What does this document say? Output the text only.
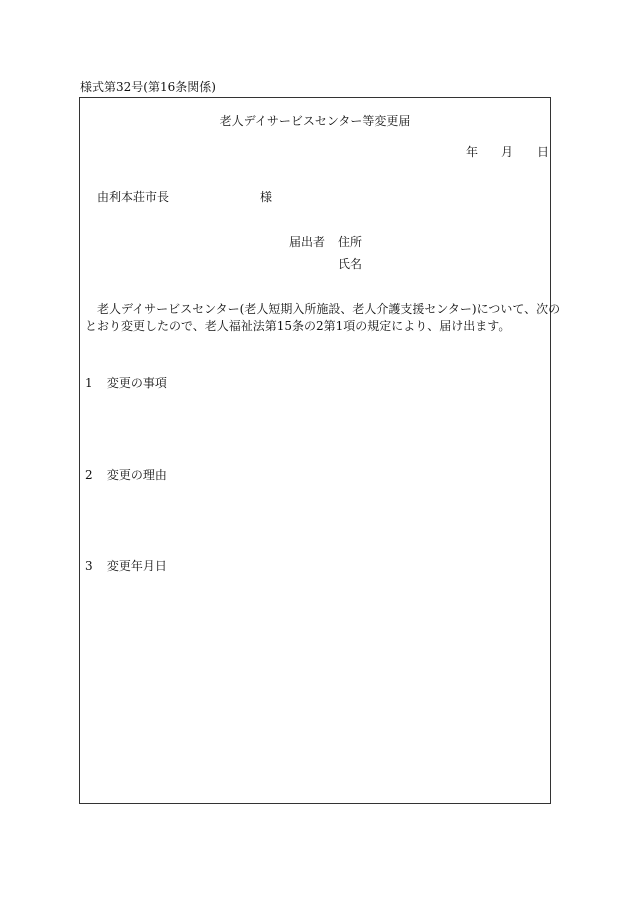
様式第32号(第16条関係)
老人デイサービスセンター等変更届
年 月 日
由利本荘市長	様
届出者 住所
氏名
　老人デイサービスセンター(老人短期入所施設、老人介護支援センター)について、次の
とおり変更したので、老人福祉法第15条の2第1項の規定により、届け出ます。
1 変更の事項
2 変更の理由
3 変更年月日
